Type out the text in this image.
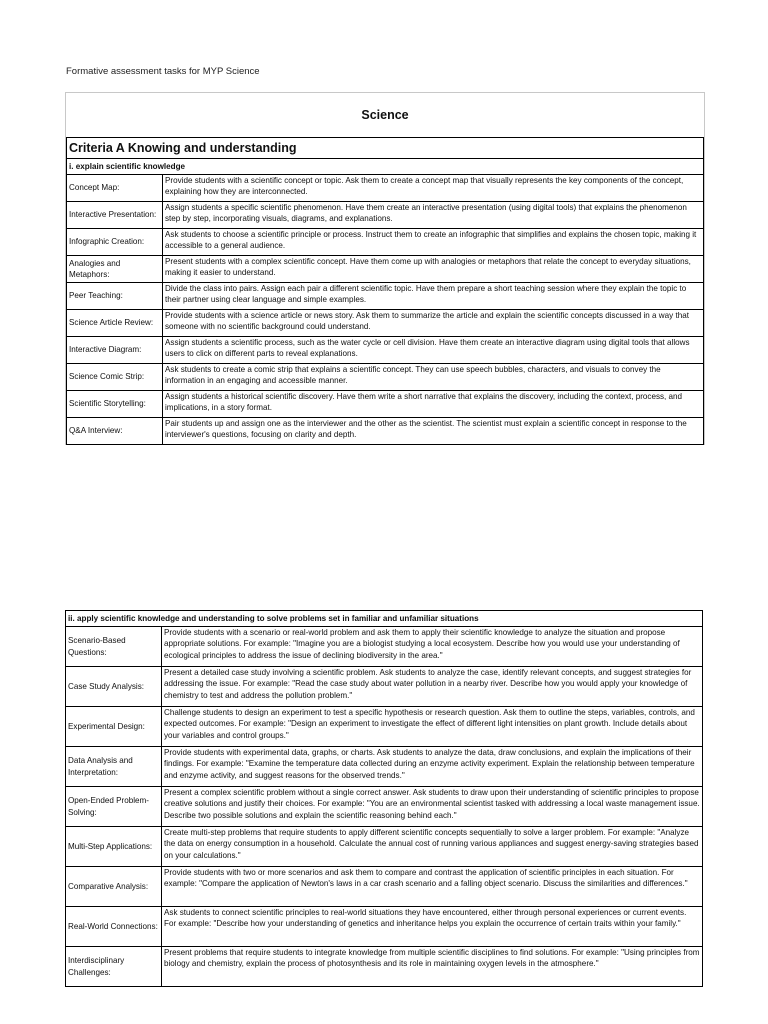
Formative assessment tasks for MYP Science
Science
Criteria A Knowing and understanding	
i. explain scientific knowledge	
Concept Map:	Provide students with a scientific concept or topic. Ask them to create a concept map that visually represents the key components of the concept, explaining how they are interconnected.
Interactive Presentation:	Assign students a specific scientific phenomenon. Have them create an interactive presentation (using digital tools) that explains the phenomenon step by step, incorporating visuals, diagrams, and explanations.
Infographic Creation:	Ask students to choose a scientific principle or process. Instruct them to create an infographic that simplifies and explains the chosen topic, making it accessible to a general audience.
Analogies and Metaphors:	Present students with a complex scientific concept. Have them come up with analogies or metaphors that relate the concept to everyday situations, making it easier to understand.
Peer Teaching:	Divide the class into pairs. Assign each pair a different scientific topic. Have them prepare a short teaching session where they explain the topic to their partner using clear language and simple examples.
Science Article Review:	Provide students with a science article or news story. Ask them to summarize the article and explain the scientific concepts discussed in a way that someone with no scientific background could understand.
Interactive Diagram:	Assign students a scientific process, such as the water cycle or cell division. Have them create an interactive diagram using digital tools that allows users to click on different parts to reveal explanations.
Science Comic Strip:	Ask students to create a comic strip that explains a scientific concept. They can use speech bubbles, characters, and visuals to convey the information in an engaging and accessible manner.
Scientific Storytelling:	Assign students a historical scientific discovery. Have them write a short narrative that explains the discovery, including the context, process, and implications, in a story format.
Q&A Interview:	Pair students up and assign one as the interviewer and the other as the scientist. The scientist must explain a scientific concept in response to the interviewer's questions, focusing on clarity and depth.
ii. apply scientific knowledge and understanding to solve problems set in familiar and unfamiliar situations	
Scenario-Based Questions:	Provide students with a scenario or real-world problem and ask them to apply their scientific knowledge to analyze the situation and propose appropriate solutions. For example: "Imagine you are a biologist studying a local ecosystem. Describe how you would use your understanding of ecological principles to address the issue of declining biodiversity in the area."
Case Study Analysis:	Present a detailed case study involving a scientific problem. Ask students to analyze the case, identify relevant concepts, and suggest strategies for addressing the issue. For example: "Read the case study about water pollution in a nearby river. Describe how you would apply your knowledge of chemistry to test and address the pollution problem."
Experimental Design:	Challenge students to design an experiment to test a specific hypothesis or research question. Ask them to outline the steps, variables, controls, and expected outcomes. For example: "Design an experiment to investigate the effect of different light intensities on plant growth. Include details about your variables and control groups."
Data Analysis and Interpretation:	Provide students with experimental data, graphs, or charts. Ask students to analyze the data, draw conclusions, and explain the implications of their findings. For example: "Examine the temperature data collected during an enzyme activity experiment. Explain the relationship between temperature and enzyme activity, and suggest reasons for the observed trends."
Open-Ended Problem-Solving:	Present a complex scientific problem without a single correct answer. Ask students to draw upon their understanding of scientific principles to propose creative solutions and justify their choices. For example: "You are an environmental scientist tasked with addressing a local waste management issue. Describe two possible solutions and explain the scientific reasoning behind each."
Multi-Step Applications:	Create multi-step problems that require students to apply different scientific concepts sequentially to solve a larger problem. For example: "Analyze the data on energy consumption in a household. Calculate the annual cost of running various appliances and suggest energy-saving strategies based on your calculations."
Comparative Analysis:	Provide students with two or more scenarios and ask them to compare and contrast the application of scientific principles in each situation. For example: "Compare the application of Newton's laws in a car crash scenario and a falling object scenario. Discuss the similarities and differences."
Real-World Connections:	Ask students to connect scientific principles to real-world situations they have encountered, either through personal experiences or current events. For example: "Describe how your understanding of genetics and inheritance helps you explain the occurrence of certain traits within your family."
Interdisciplinary Challenges:	Present problems that require students to integrate knowledge from multiple scientific disciplines to find solutions. For example: "Using principles from biology and chemistry, explain the process of photosynthesis and its role in maintaining oxygen levels in the atmosphere."
